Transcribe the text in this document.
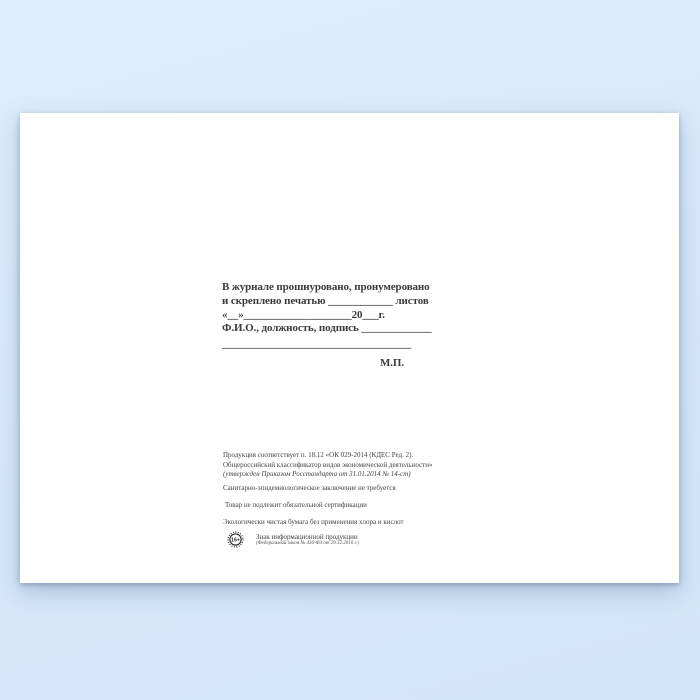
В журнале прошнуровано, пронумеровано
и скреплено печатью ____________ листов
«__»____________________20___г.
Ф.И.О., должность, подпись _____________
___________________________________
М.П.
Продукция соответствует п. 18.12 «ОК 029-2014 (КДЕС Ред. 2).
Общероссийский классификатор видов экономической деятельности»
(утвержден Приказом Росстандарта от 31.01.2014 № 14-ст)
Санитарно-эпидемиологическое заключение не требуется
Товар не подлежит обязательной сертификации
Экологически чистая бумага без применения хлора и кислот
16+ Знак информационной продукции
(Федеральный закон № 436-ФЗ от 29.12.2010 г.)
